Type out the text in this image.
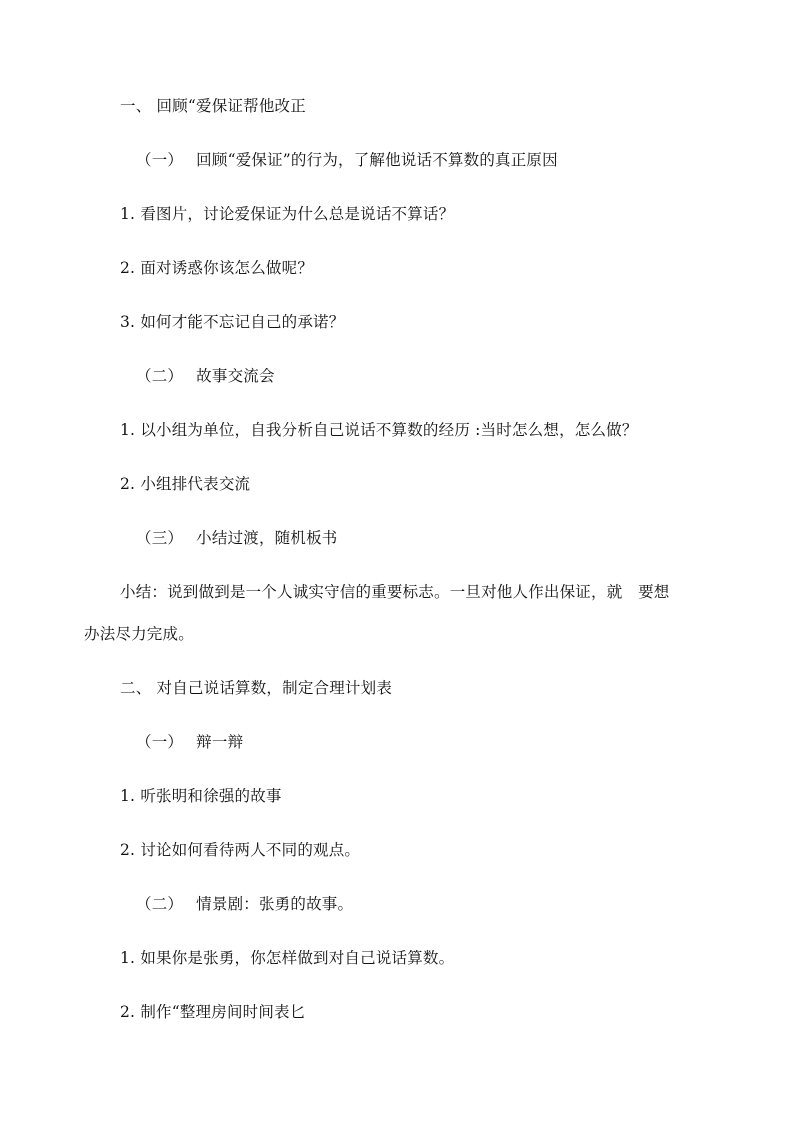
一、 回顾“爱保证帮他改正
（一）　 回顾“爱保证”的行为，了解他说话不算数的真正原因
1. 看图片，讨论爱保证为什么总是说话不算话？
2. 面对诱惑你该怎么做呢？
3. 如何才能不忘记自己的承诺？
（二）　 故事交流会
1. 以小组为单位，自我分析自己说话不算数的经历 :当时怎么想，怎么做？
2. 小组排代表交流
（三）　 小结过渡，随机板书
小结：说到做到是一个人诚实守信的重要标志。一旦对他人作出保证，就　要想
办法尽力完成。
二、 对自己说话算数，制定合理计划表
（一）　 辩一辩
1. 听张明和徐强的故事
2. 讨论如何看待两人不同的观点。
（二）　 情景剧：张勇的故事。
1. 如果你是张勇，你怎样做到对自己说话算数。
2. 制作“整理房间时间表匕
